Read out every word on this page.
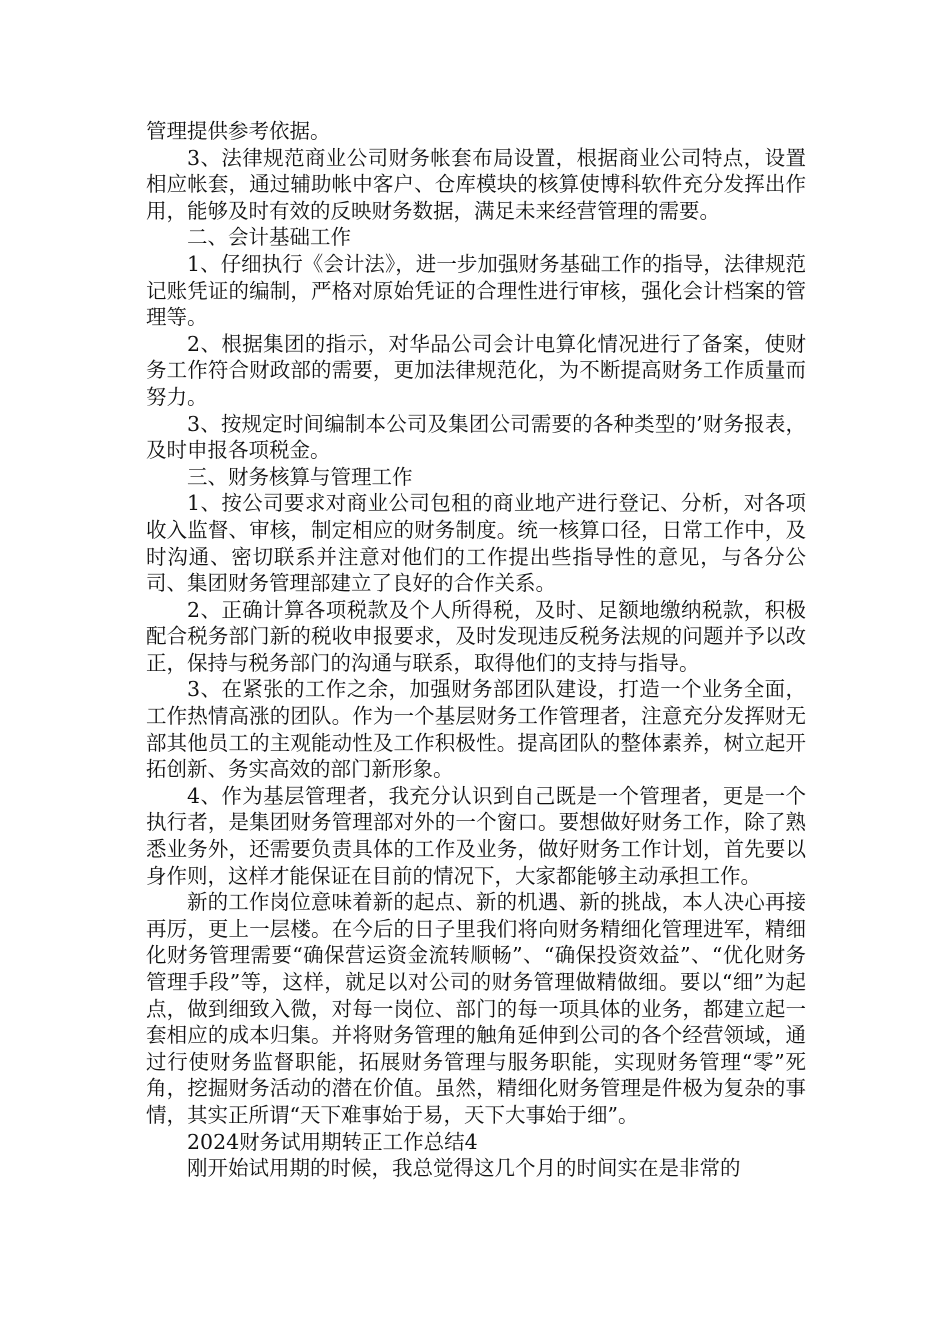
管理提供参考依据。

3、法律规范商业公司财务帐套布局设置，根据商业公司特点，设置相应帐套，通过辅助帐中客户、仓库模块的核算使博科软件充分发挥出作用，能够及时有效的反映财务数据，满足未来经营管理的需要。

二、会计基础工作

1、仔细执行《会计法》，进一步加强财务基础工作的指导，法律规范记账凭证的编制，严格对原始凭证的合理性进行审核，强化会计档案的管理等。

2、根据集团的指示，对华品公司会计电算化情况进行了备案，使财务工作符合财政部的需要，更加法律规范化，为不断提高财务工作质量而努力。

3、按规定时间编制本公司及集团公司需要的各种类型的’财务报表，及时申报各项税金。

三、财务核算与管理工作

1、按公司要求对商业公司包租的商业地产进行登记、分析，对各项收入监督、审核，制定相应的财务制度。统一核算口径，日常工作中，及时沟通、密切联系并注意对他们的工作提出些指导性的意见，与各分公司、集团财务管理部建立了良好的合作关系。

2、正确计算各项税款及个人所得税，及时、足额地缴纳税款，积极配合税务部门新的税收申报要求，及时发现违反税务法规的问题并予以改正，保持与税务部门的沟通与联系，取得他们的支持与指导。

3、在紧张的工作之余，加强财务部团队建设，打造一个业务全面，工作热情高涨的团队。作为一个基层财务工作管理者，注意充分发挥财无部其他员工的主观能动性及工作积极性。提高团队的整体素养，树立起开拓创新、务实高效的部门新形象。

4、作为基层管理者，我充分认识到自己既是一个管理者，更是一个执行者，是集团财务管理部对外的一个窗口。要想做好财务工作，除了熟悉业务外，还需要负责具体的工作及业务，做好财务工作计划，首先要以身作则，这样才能保证在目前的情况下，大家都能够主动承担工作。

新的工作岗位意味着新的起点、新的机遇、新的挑战，本人决心再接再厉，更上一层楼。在今后的日子里我们将向财务精细化管理进军，精细化财务管理需要“确保营运资金流转顺畅”、“确保投资效益”、“优化财务管理手段”等，这样，就足以对公司的财务管理做精做细。要以“细”为起点，做到细致入微，对每一岗位、部门的每一项具体的业务，都建立起一套相应的成本归集。并将财务管理的触角延伸到公司的各个经营领域，通过行使财务监督职能，拓展财务管理与服务职能，实现财务管理“零”死角，挖掘财务活动的潜在价值。虽然，精细化财务管理是件极为复杂的事情，其实正所谓“天下难事始于易，天下大事始于细”。

2024财务试用期转正工作总结4

刚开始试用期的时候，我总觉得这几个月的时间实在是非常的
